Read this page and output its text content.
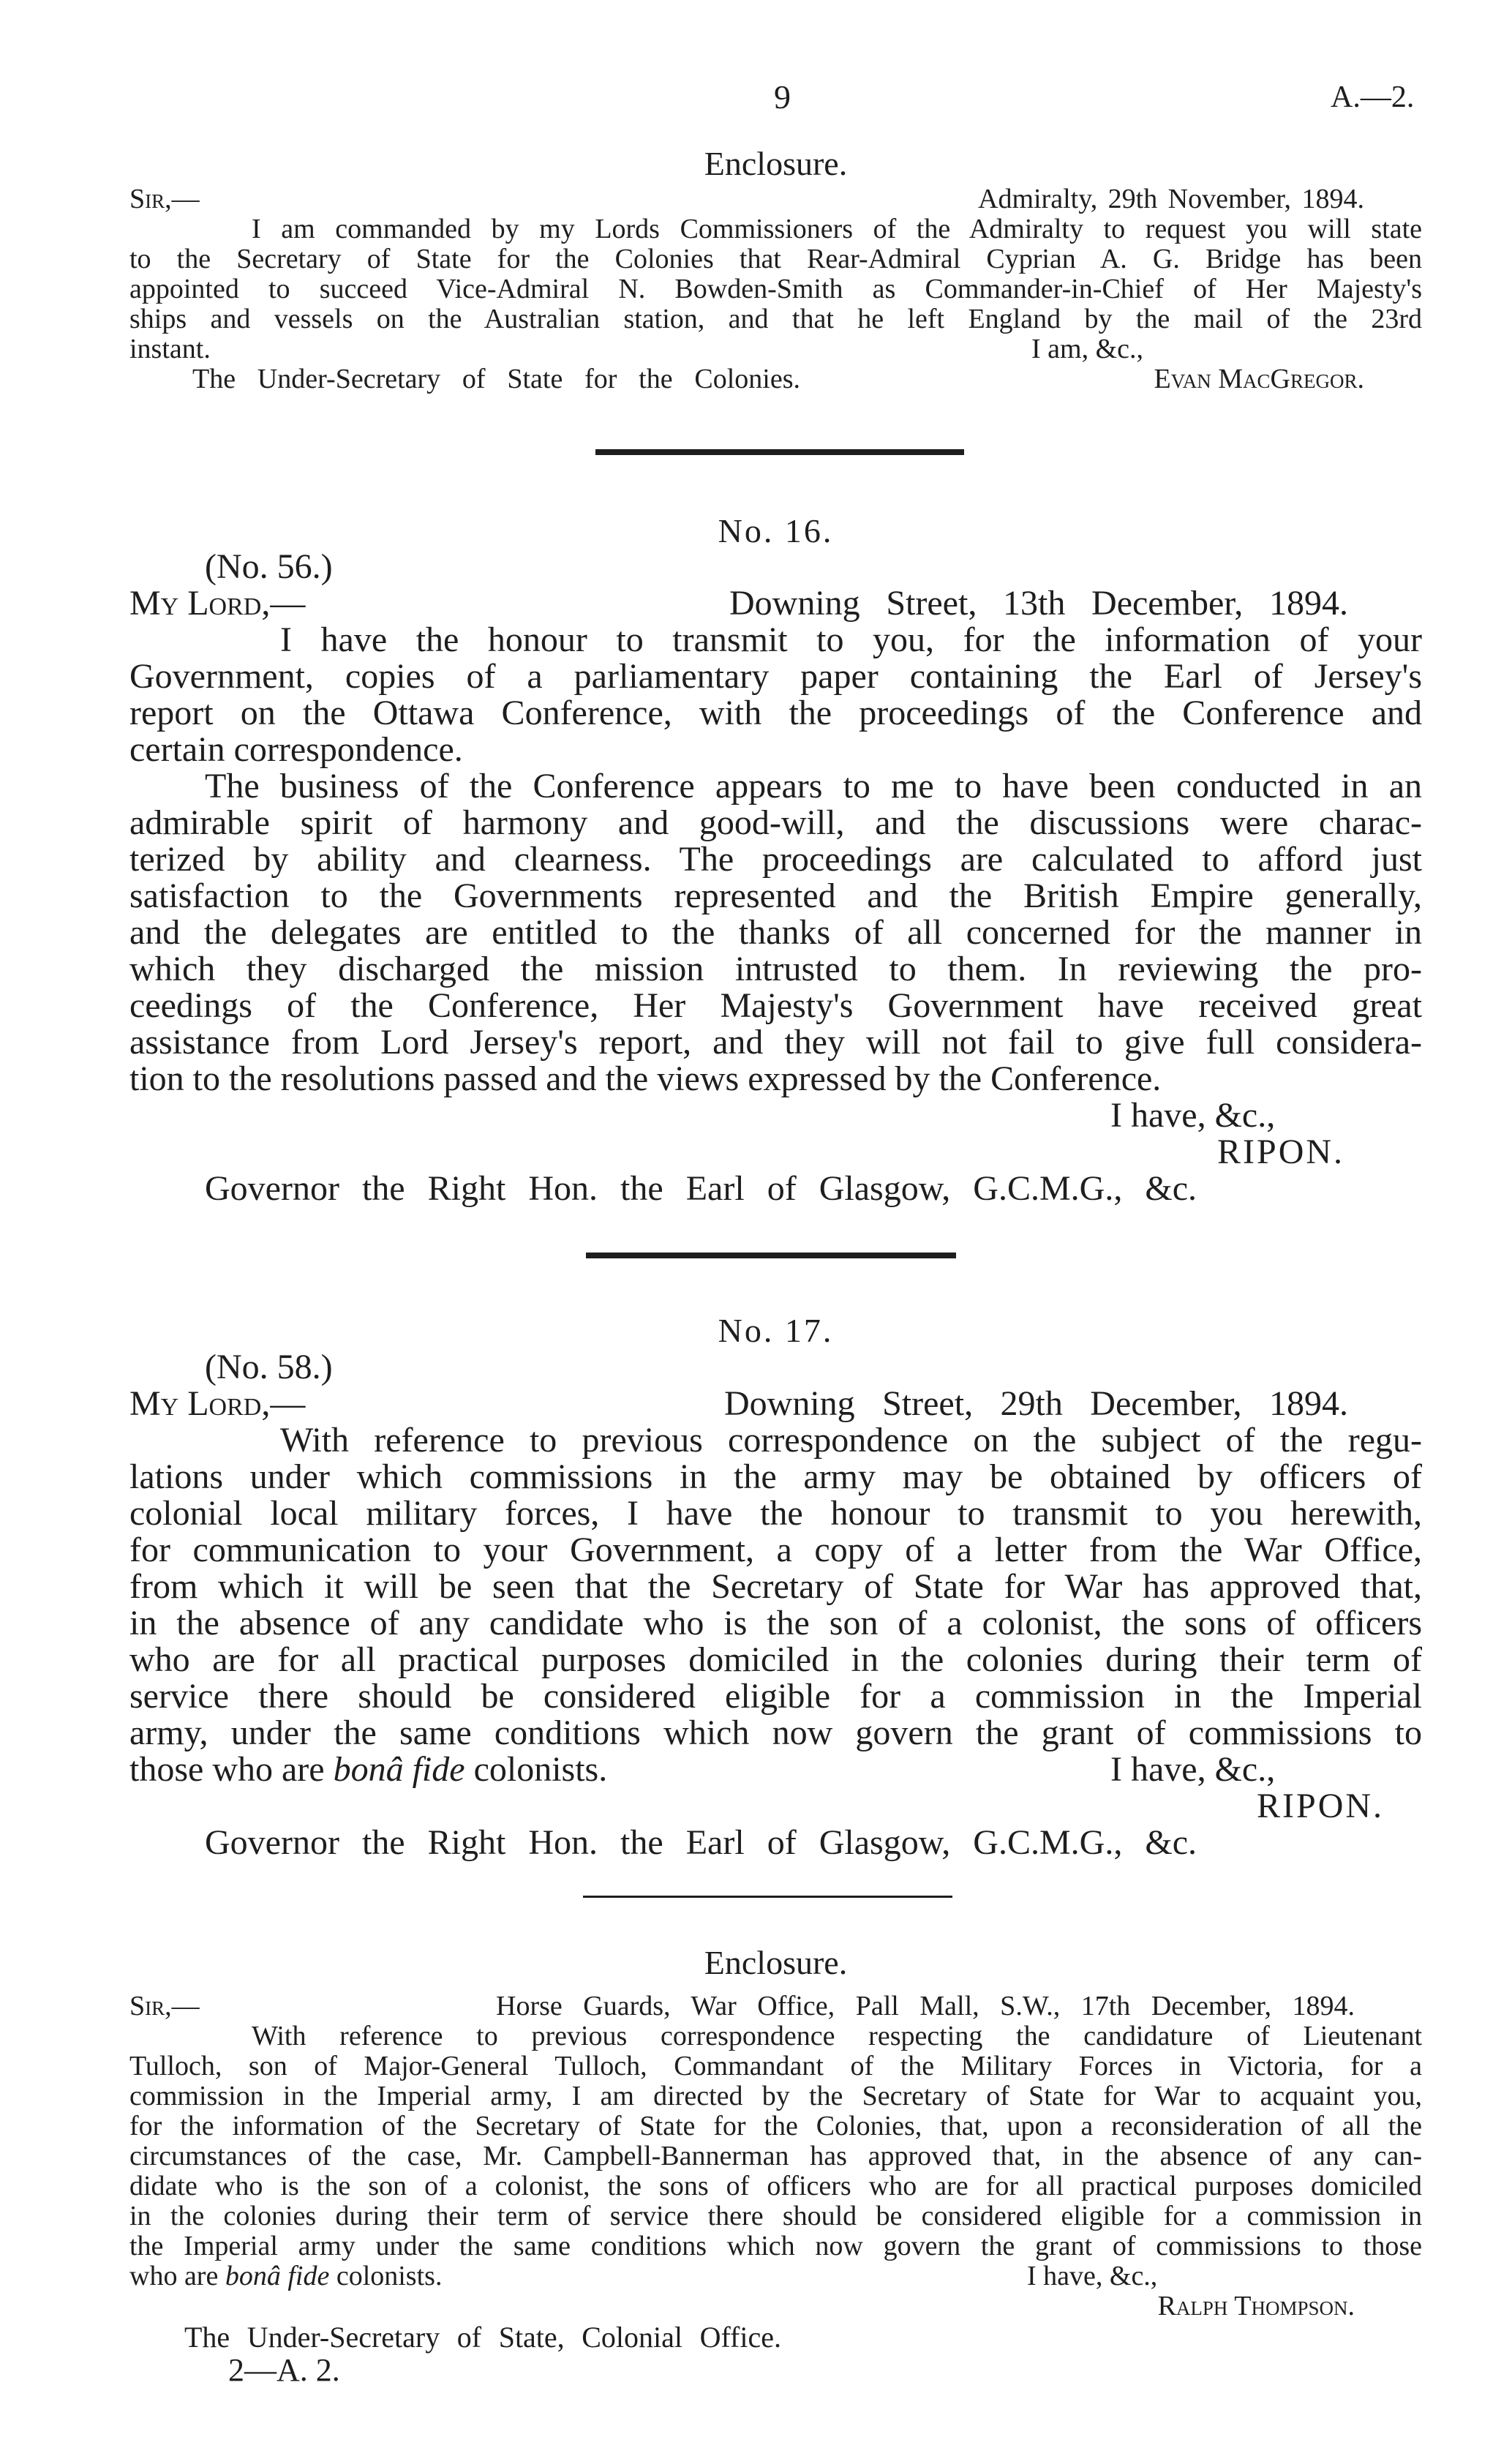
9	A.—2.
Enclosure.
Sir,—	Admiralty, 29th November, 1894.
I am commanded by my Lords Commissioners of the Admiralty to request you will state
to the Secretary of State for the Colonies that Rear-Admiral Cyprian A. G. Bridge has been
appointed to succeed Vice-Admiral N. Bowden-Smith as Commander-in-Chief of Her Majesty's
ships and vessels on the Australian station, and that he left England by the mail of the 23rd
instant.	I am, &c.,
The Under-Secretary of State for the Colonies.	Evan MacGregor.
No. 16.
(No. 56.)
My Lord,—	Downing Street, 13th December, 1894.
I have the honour to transmit to you, for the information of your
Government, copies of a parliamentary paper containing the Earl of Jersey's
report on the Ottawa Conference, with the proceedings of the Conference and
certain correspondence.
The business of the Conference appears to me to have been conducted in an
admirable spirit of harmony and good-will, and the discussions were charac-
terized by ability and clearness. The proceedings are calculated to afford just
satisfaction to the Governments represented and the British Empire generally,
and the delegates are entitled to the thanks of all concerned for the manner in
which they discharged the mission intrusted to them. In reviewing the pro-
ceedings of the Conference, Her Majesty's Government have received great
assistance from Lord Jersey's report, and they will not fail to give full considera-
tion to the resolutions passed and the views expressed by the Conference.
I have, &c.,
RIPON.
Governor the Right Hon. the Earl of Glasgow, G.C.M.G., &c.
No. 17.
(No. 58.)
My Lord,—	Downing Street, 29th December, 1894.
With reference to previous correspondence on the subject of the regu-
lations under which commissions in the army may be obtained by officers of
colonial local military forces, I have the honour to transmit to you herewith,
for communication to your Government, a copy of a letter from the War Office,
from which it will be seen that the Secretary of State for War has approved that,
in the absence of any candidate who is the son of a colonist, the sons of officers
who are for all practical purposes domiciled in the colonies during their term of
service there should be considered eligible for a commission in the Imperial
army, under the same conditions which now govern the grant of commissions to
those who are bonâ fide colonists.	I have, &c.,
RIPON.
Governor the Right Hon. the Earl of Glasgow, G.C.M.G., &c.
Enclosure.
Sir,—	Horse Guards, War Office, Pall Mall, S.W., 17th December, 1894.
With reference to previous correspondence respecting the candidature of Lieutenant
Tulloch, son of Major-General Tulloch, Commandant of the Military Forces in Victoria, for a
commission in the Imperial army, I am directed by the Secretary of State for War to acquaint you,
for the information of the Secretary of State for the Colonies, that, upon a reconsideration of all the
circumstances of the case, Mr. Campbell-Bannerman has approved that, in the absence of any can-
didate who is the son of a colonist, the sons of officers who are for all practical purposes domiciled
in the colonies during their term of service there should be considered eligible for a commission in
the Imperial army under the same conditions which now govern the grant of commissions to those
who are bonâ fide colonists.	I have, &c.,
Ralph Thompson.
The Under-Secretary of State, Colonial Office.
2—A. 2.
